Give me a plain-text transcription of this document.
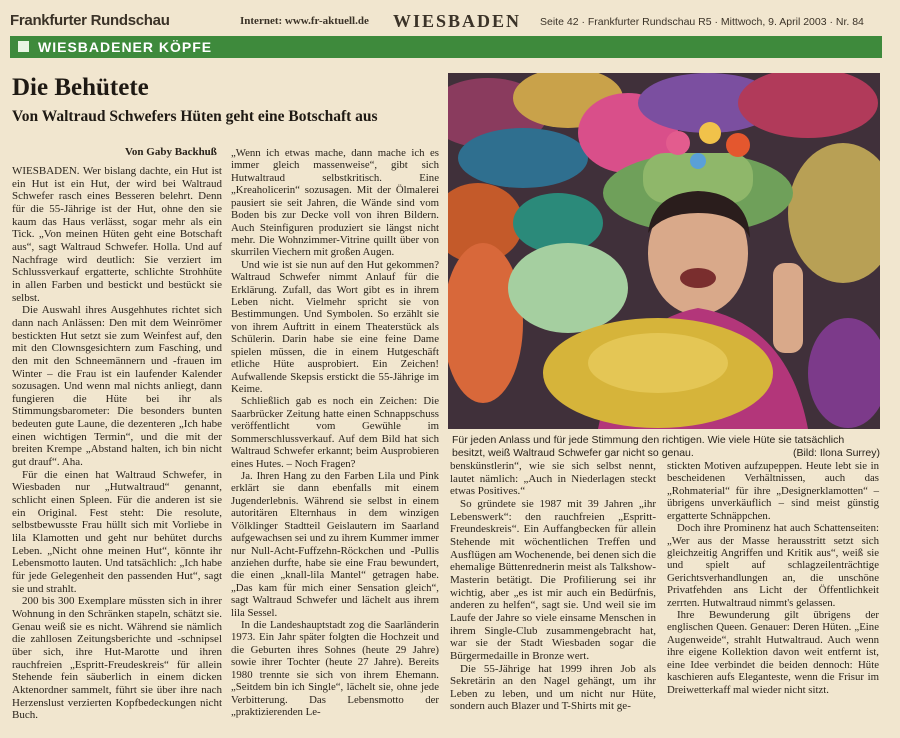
Frankfurter Rundschau	Internet: www.fr-aktuell.de WIESBADEN Seite 42 · Frankfurter Rundschau R5 · Mittwoch, 9. April 2003 · Nr. 84
WIESBADENER KÖPFE
Die Behütete
Von Waltraud Schwefers Hüten geht eine Botschaft aus
Von Gaby Backhuß

WIESBADEN. Wer bislang dachte, ein Hut ist ein Hut ist ein Hut, der wird bei Waltraud Schwefer rasch eines Besseren belehrt. Denn für die 55-Jährige ist der Hut, ohne den sie kaum das Haus verlässt, sogar mehr als ein Tick. „Von meinen Hüten geht eine Botschaft aus“, sagt Waltraud Schwefer. Holla. Und auf Nachfrage wird deutlich: Sie verziert im Schlussverkauf ergatterte, schlichte Strohhüte in allen Farben und bestickt und bestückt sie selbst.

Die Auswahl ihres Ausgehhutes richtet sich dann nach Anlässen: Den mit dem Weinrömer bestickten Hut setzt sie zum Weinfest auf, den mit den Clownsgesichtern zum Fasching, und den mit den Schneemännern und -frauen im Winter – die Frau ist ein laufender Kalender sozusagen. Und wenn mal nichts anliegt, dann fungieren die Hüte bei ihr als Stimmungsbarometer: Die besonders bunten bedeuten gute Laune, die dezenteren „Ich habe einen wichtigen Termin“, und die mit der breiten Krempe „Abstand halten, ich bin nicht gut drauf“. Aha.

Für die einen hat Waltraud Schwefer, in Wiesbaden nur „Hutwaltraud“ genannt, schlicht einen Spleen. Für die anderen ist sie ein Original. Fest steht: Die resolute, selbstbewusste Frau hüllt sich mit Vorliebe in lila Klamotten und geht nur behütet durchs Leben. „Nicht ohne meinen Hut“, könnte ihr Lebensmotto lauten. Und tatsächlich: „Ich habe für jede Gelegenheit den passenden Hut“, sagt sie und strahlt.

200 bis 300 Exemplare müssten sich in ihrer Wohnung in den Schränken stapeln, schätzt sie. Genau weiß sie es nicht. Während sie nämlich die zahllosen Zeitungsberichte und -schnipsel über sich, ihre Hut-Marotte und ihren rauchfreien „Espritt-Freudeskreis“ für allein Stehende fein säuberlich in einem dicken Aktenordner sammelt, führt sie über ihre nach Herzenslust verzierten Kopfbedeckungen nicht Buch.

„Wenn ich etwas mache, dann mache ich es immer gleich massenweise“, gibt sich Hutwaltraud selbstkritisch. Eine „Kreaholicerin“ sozusagen. Mit der Ölmalerei pausiert sie seit Jahren, die Wände sind vom Boden bis zur Decke voll von ihren Bildern. Auch Steinfiguren produziert sie längst nicht mehr. Die Wohnzimmer-Vitrine quillt über von skurrilen Viechern mit großen Augen.

Und wie ist sie nun auf den Hut gekommen? Waltraud Schwefer nimmt Anlauf für die Erklärung. Zufall, das Wort gibt es in ihrem Leben nicht. Vielmehr spricht sie von Bestimmungen. Und Symbolen. So erzählt sie von ihrem Auftritt in einem Theaterstück als Schülerin. Darin habe sie eine feine Dame spielen müssen, die in einem Hutgeschäft etliche Hüte ausprobiert. Ein Zeichen! Aufwallende Skepsis erstickt die 55-Jährige im Keime.

Schließlich gab es noch ein Zeichen: Die Saarbrücker Zeitung hatte einen Schnappschuss veröffentlicht vom Gewühle im Sommerschlussverkauf. Auf dem Bild hat sich Waltraud Schwefer erkannt; beim Ausprobieren eines Hutes. – Noch Fragen?

Ja. Ihren Hang zu den Farben Lila und Pink erklärt sie dann ebenfalls mit einem Jugenderlebnis. Während sie selbst in einem autoritären Elternhaus in dem winzigen Völklinger Stadtteil Geislautern im Saarland aufgewachsen sei und zu ihrem Kummer immer nur Null-Acht-Fuffzehn-Röckchen und -Pullis anziehen durfte, habe sie eine Frau bewundert, die einen „knall-lila Mantel“ getragen habe. „Das kam für mich einer Sensation gleich“, sagt Waltraud Schwefer und lächelt aus ihrem lila Sessel.

In die Landeshauptstadt zog die Saarländerin 1973. Ein Jahr später folgten die Hochzeit und die Geburten ihres Sohnes (heute 29 Jahre) sowie ihrer Tochter (heute 27 Jahre). Bereits 1980 trennte sie sich von ihrem Ehemann. „Seitdem bin ich Single“, lächelt sie, ohne jede Verbitterung. Das Lebensmotto der „praktizierenden Le-

Für jeden Anlass und für jede Stimmung den richtigen. Wie viele Hüte sie tatsächlich besitzt, weiß Waltraud Schwefer gar nicht so genau.	(Bild: Ilona Surrey)

benskünstlerin“, wie sie sich selbst nennt, lautet nämlich: „Auch in Niederlagen steckt etwas Positives.“

So gründete sie 1987 mit 39 Jahren „ihr Lebenswerk“: den rauchfreien „Espritt-Freundeskreis“. Ein Auffangbecken für allein Stehende mit wöchentlichen Treffen und Ausflügen am Wochenende, bei denen sich die ehemalige Büttenrednerin meist als Talkshow-Masterin betätigt. Die Profilierung sei ihr wichtig, aber „es ist mir auch ein Bedürfnis, anderen zu helfen“, sagt sie. Und weil sie im Laufe der Jahre so viele einsame Menschen in ihrem Single-Club zusammengebracht hat, war sie der Stadt Wiesbaden sogar die Bürgermedaille in Bronze wert.

Die 55-Jährige hat 1999 ihren Job als Sekretärin an den Nagel gehängt, um ihr Leben zu leben, und um nicht nur Hüte, sondern auch Blazer und T-Shirts mit ge-

stickten Motiven aufzupeppen. Heute lebt sie in bescheidenen Verhältnissen, auch das „Rohmaterial“ für ihre „Designerklamotten“ – übrigens unverkäuflich – sind meist günstig ergatterte Schnäppchen.

Doch ihre Prominenz hat auch Schattenseiten: „Wer aus der Masse herausstritt setzt sich gleichzeitig Angriffen und Kritik aus“, weiß sie und spielt auf schlagzeilenträchtige Gerichtsverhandlungen an, die unschöne Privatfehden ans Licht der Öffentlichkeit zerrten. Hutwaltraud nimmt's gelassen.

Ihre Bewunderung gilt übrigens der englischen Queen. Genauer: Deren Hüten. „Eine Augenweide“, strahlt Hutwaltraud. Auch wenn ihre eigene Kollektion davon weit entfernt ist, eine Idee verbindet die beiden dennoch: Hüte kaschieren aufs Eleganteste, wenn die Frisur im Dreiwetterkaff mal wieder nicht sitzt.
